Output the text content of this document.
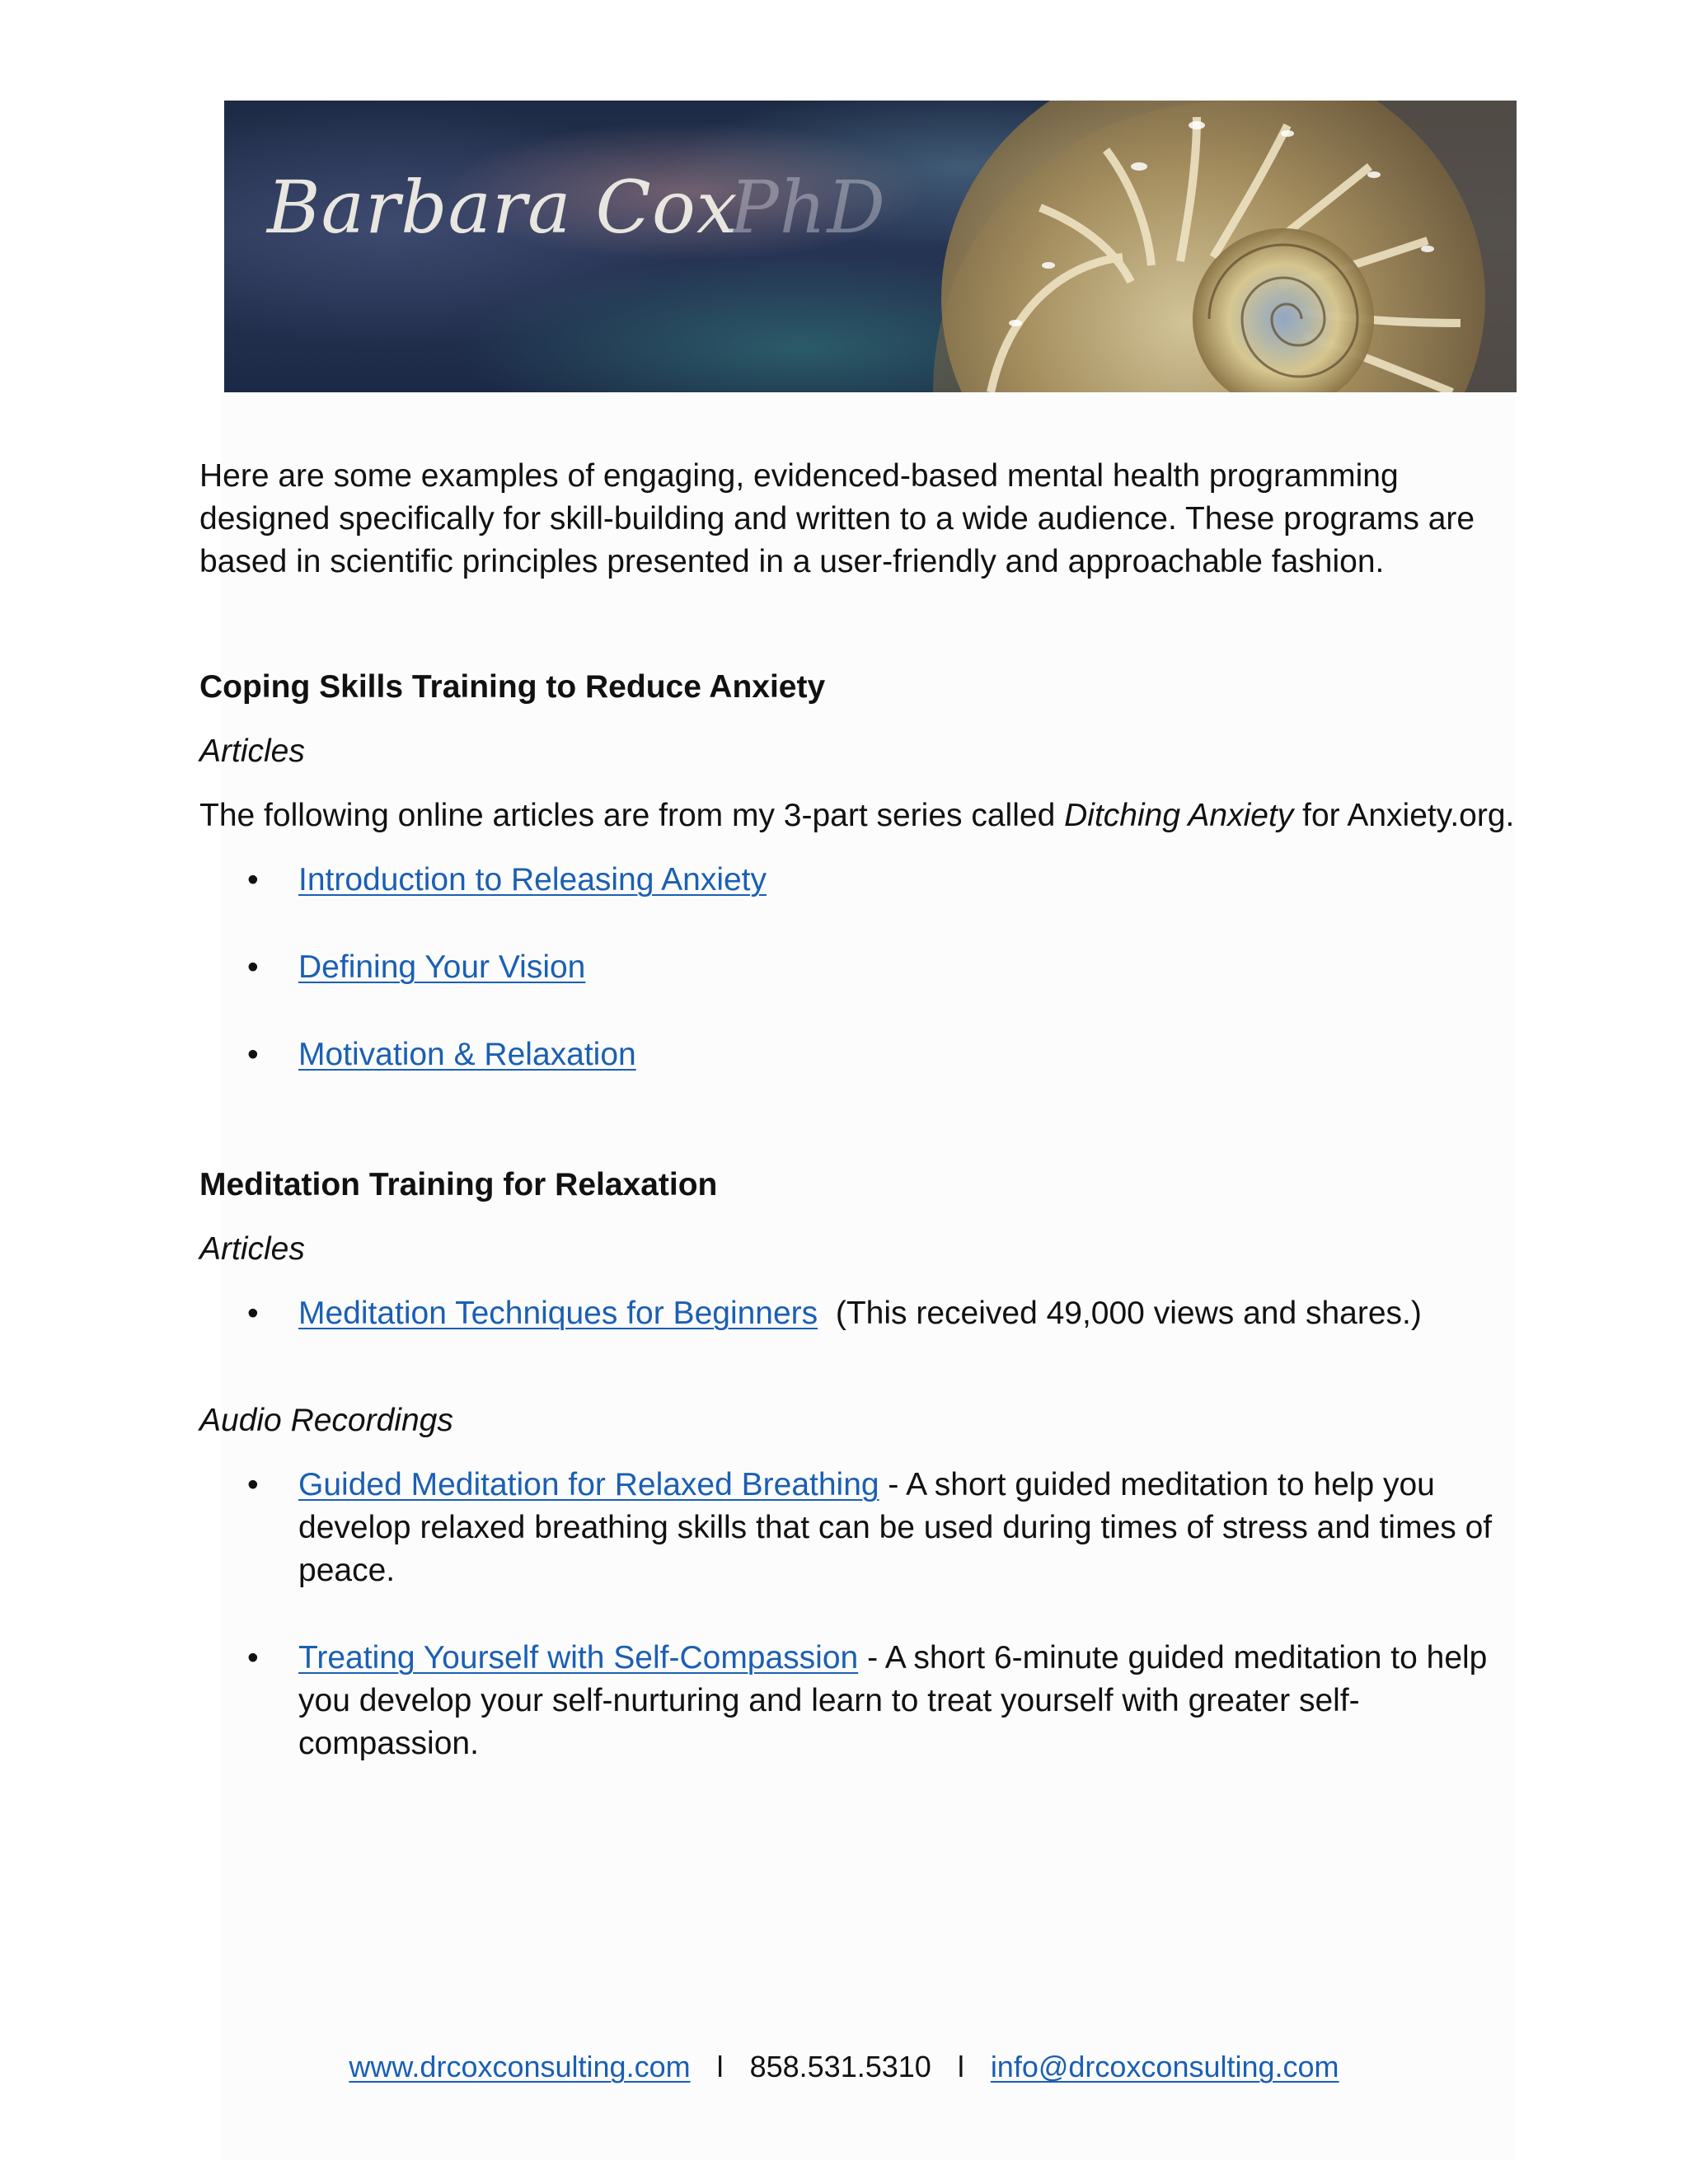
Barbara CoxPhD

Here are some examples of engaging, evidenced-based mental health programming designed specifically for skill-building and written to a wide audience. These programs are based in scientific principles presented in a user-friendly and approachable fashion.

Coping Skills Training to Reduce Anxiety

Articles

The following online articles are from my 3-part series called Ditching Anxiety for Anxiety.org.

• Introduction to Releasing Anxiety
• Defining Your Vision
• Motivation & Relaxation
Meditation Training for Relaxation

Articles

• Meditation Techniques for Beginners (This received 49,000 views and shares.)

Audio Recordings

• Guided Meditation for Relaxed Breathing - A short guided meditation to help you develop relaxed breathing skills that can be used during times of stress and times of peace.
• Treating Yourself with Self-Compassion - A short 6-minute guided meditation to help you develop your self-nurturing and learn to treat yourself with greater self-compassion.
www.drcoxconsulting.com l 858.531.5310 l info@drcoxconsulting.com
